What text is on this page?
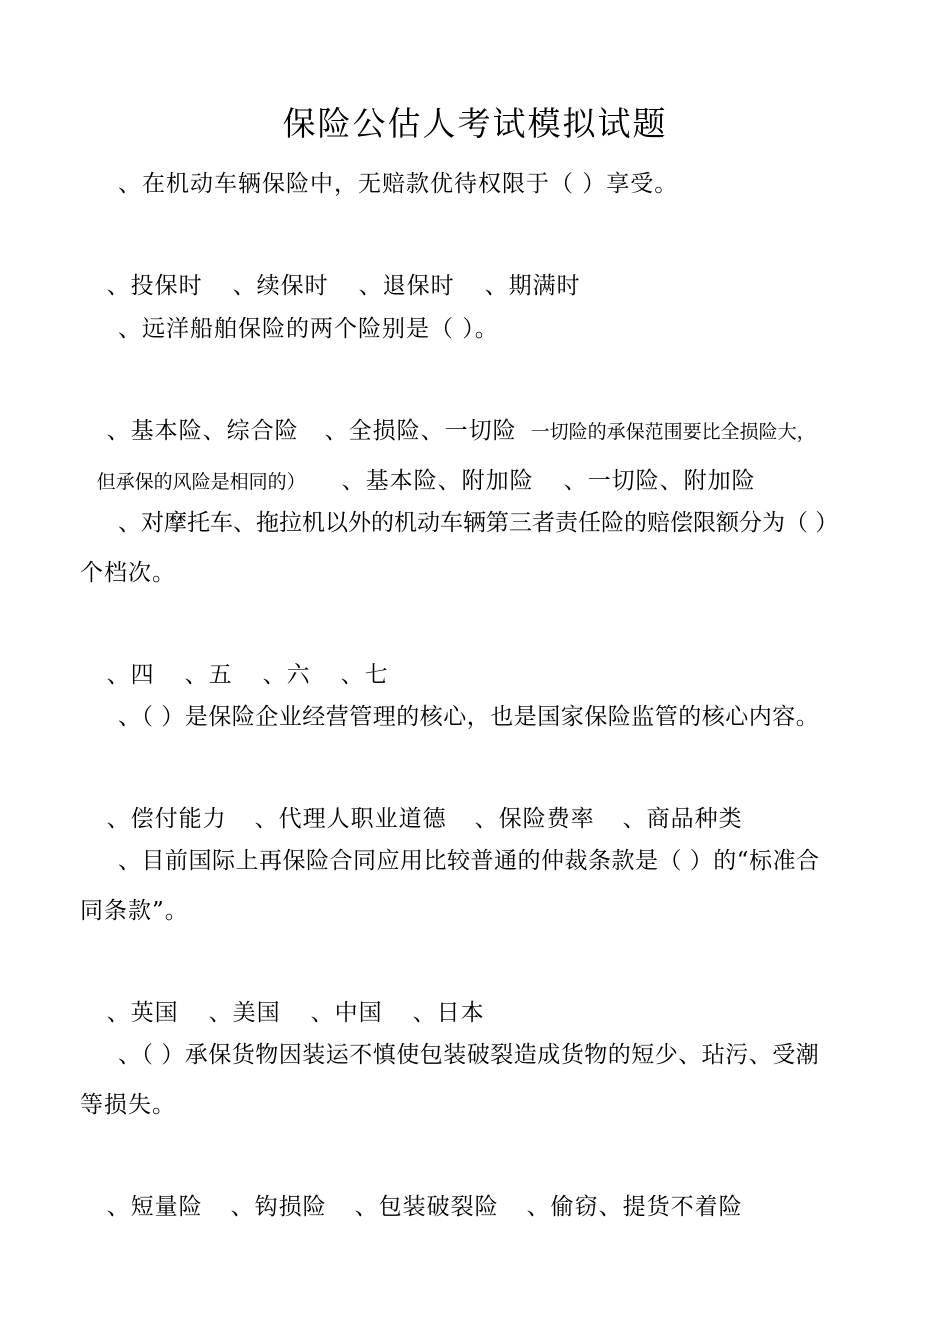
保险公估人考试模拟试题

、在机动车辆保险中，无赔款优待权限于（ ）享受。

、投保时 、续保时 、退保时 、期满时

、远洋船舶保险的两个险别是（ ）。

、基本险、综合险 、全损险、一切险 一切险的承保范围要比全损险大，

但承保的风险是相同的） 、基本险、附加险 、一切险、附加险

、对摩托车、拖拉机以外的机动车辆第三者责任险的赔偿限额分为（ ）

个档次。

、四 、五 、六 、七

、（ ）是保险企业经营管理的核心，也是国家保险监管的核心内容。

、偿付能力 、代理人职业道德 、保险费率 、商品种类

、目前国际上再保险合同应用比较普通的仲裁条款是（ ）的“标准合

同条款”。

、英国 、美国 、中国 、日本

、（ ）承保货物因装运不慎使包装破裂造成货物的短少、玷污、受潮

等损失。

、短量险 、钩损险 、包装破裂险 、偷窃、提货不着险
